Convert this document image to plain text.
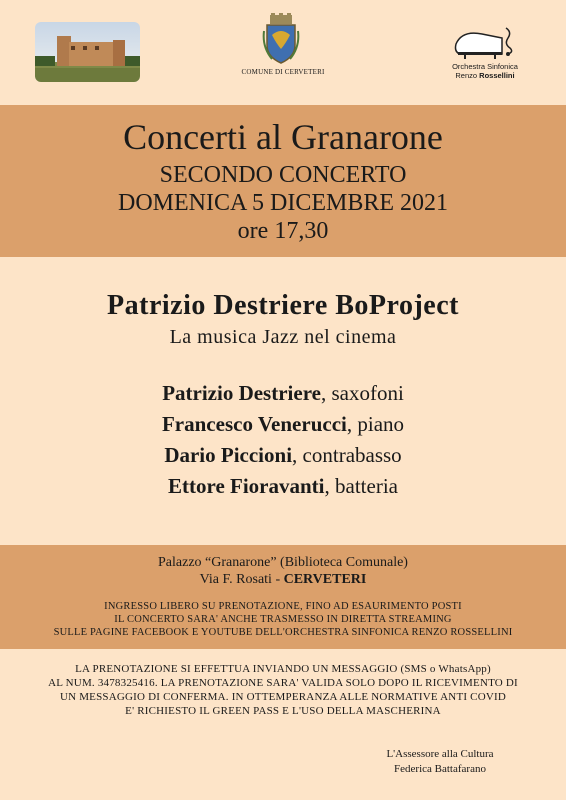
COMUNE DI CERVETERI
Orchestra Sinfonica
Renzo Rossellini
Concerti al Granarone
SECONDO CONCERTO
DOMENICA 5 DICEMBRE 2021
ore 17,30
Patrizio Destriere BoProject
La musica Jazz nel cinema
Patrizio Destriere, saxofoni
Francesco Venerucci, piano
Dario Piccioni, contrabasso
Ettore Fioravanti, batteria
Palazzo “Granarone” (Biblioteca Comunale)
Via F. Rosati - CERVETERI
INGRESSO LIBERO SU PRENOTAZIONE, FINO AD ESAURIMENTO POSTI
IL CONCERTO SARA' ANCHE TRASMESSO IN DIRETTA STREAMING
SULLE PAGINE FACEBOOK E YOUTUBE DELL'ORCHESTRA SINFONICA RENZO ROSSELLINI
LA PRENOTAZIONE SI EFFETTUA INVIANDO UN MESSAGGIO (SMS o WhatsApp)
AL NUM. 3478325416. LA PRENOTAZIONE SARA' VALIDA SOLO DOPO IL RICEVIMENTO DI
UN MESSAGGIO DI CONFERMA. IN OTTEMPERANZA ALLE NORMATIVE ANTI COVID
E' RICHIESTO IL GREEN PASS E L'USO DELLA MASCHERINA
L'Assessore alla Cultura
Federica Battafarano
